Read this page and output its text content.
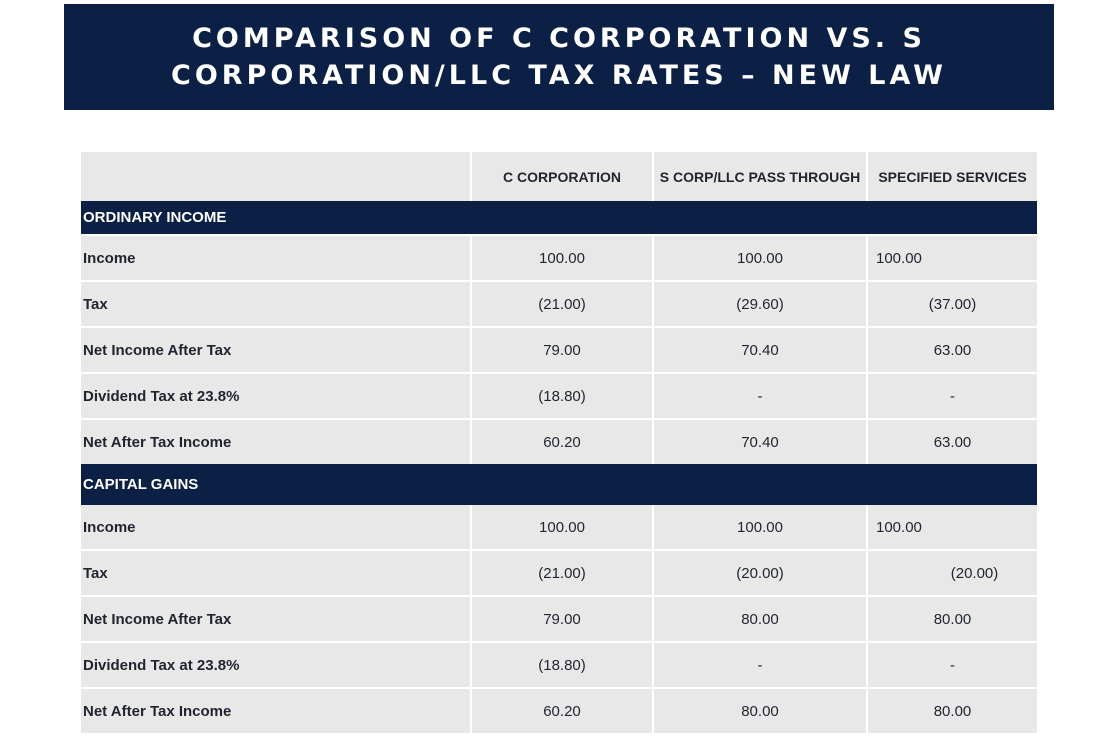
COMPARISON OF C CORPORATION VS. S
CORPORATION/LLC TAX RATES – NEW LAW
	C CORPORATION	S CORP/LLC PASS THROUGH	SPECIFIED SERVICES
ORDINARY INCOME			
Income	100.00	100.00	100.00
Tax	(21.00)	(29.60)	(37.00)
Net Income After Tax	79.00	70.40	63.00
Dividend Tax at 23.8%	(18.80)	-	-
Net After Tax Income	60.20	70.40	63.00
CAPITAL GAINS			
Income	100.00	100.00	100.00
Tax	(21.00)	(20.00)	(20.00)
Net Income After Tax	79.00	80.00	80.00
Dividend Tax at 23.8%	(18.80)	-	-
Net After Tax Income	60.20	80.00	80.00
